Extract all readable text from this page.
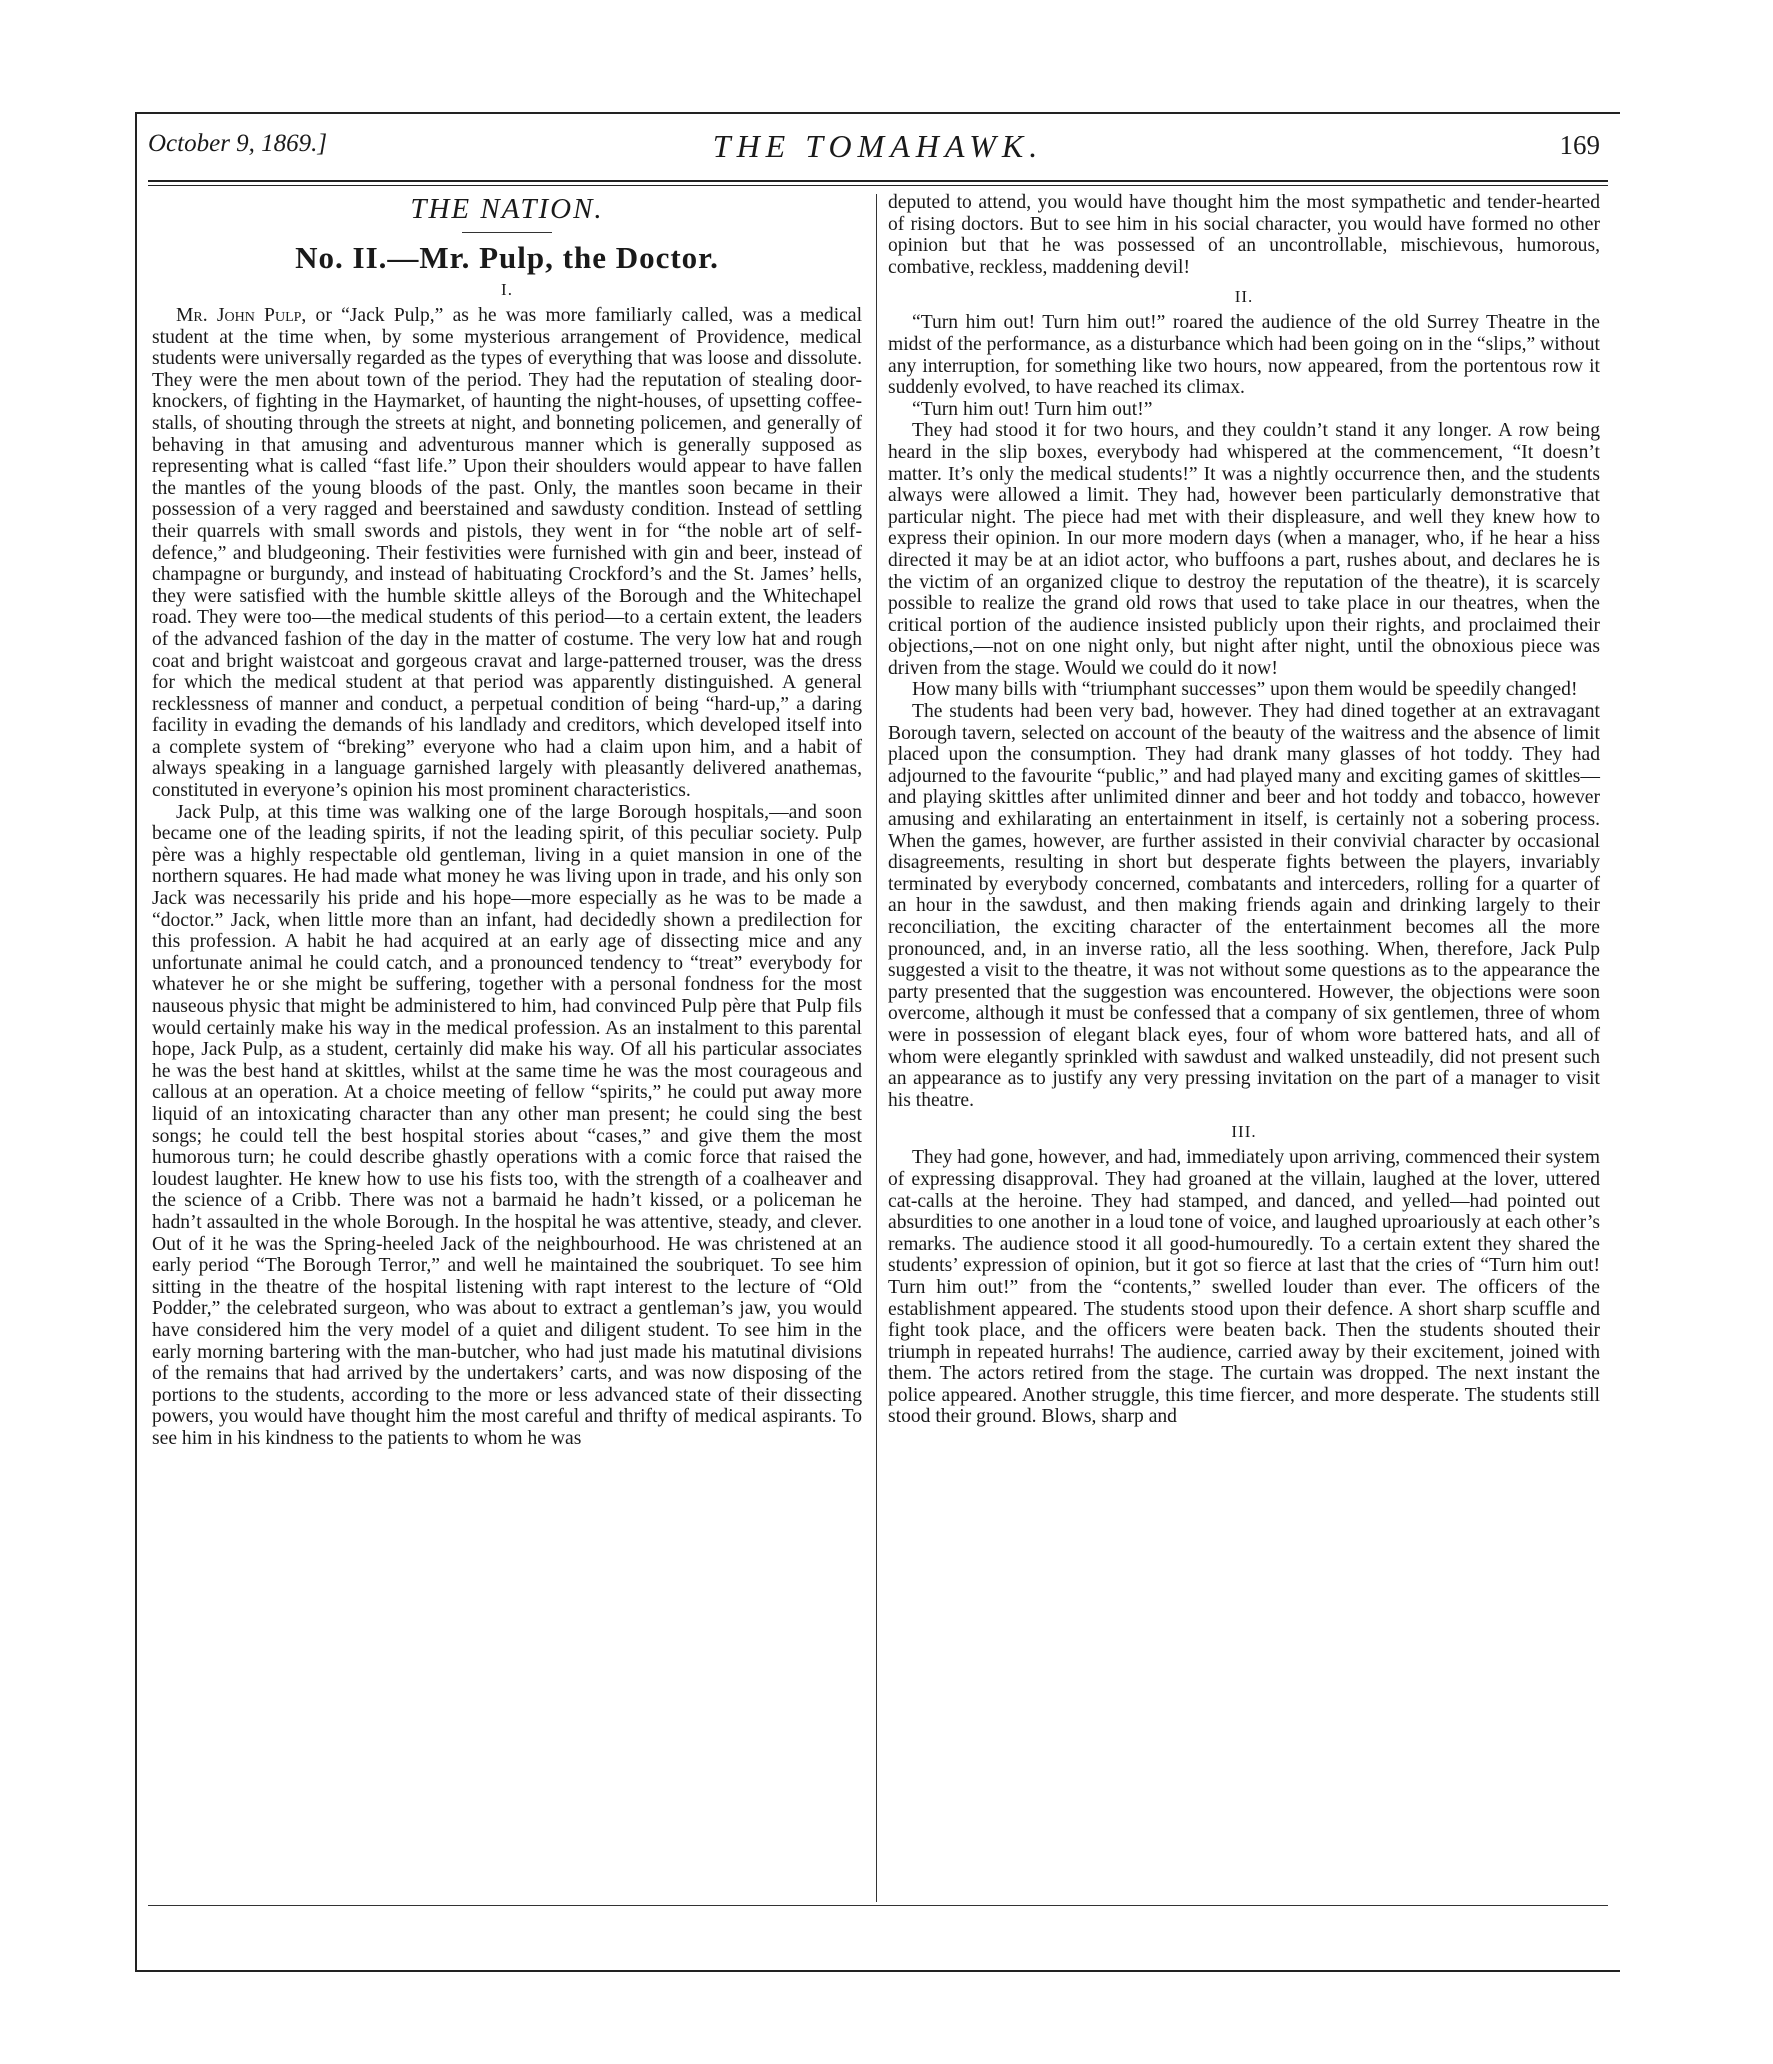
October 9, 1869.]	THE TOMAHAWK.	169
THE NATION.
No. II.—Mr. Pulp, the Doctor.
I.

Mr. John Pulp, or “Jack Pulp,” as he was more familiarly called, was a medical student at the time when, by some mysterious arrangement of Providence, medical students were universally regarded as the types of everything that was loose and dissolute. They were the men about town of the period. They had the reputation of stealing door-knockers, of fighting in the Haymarket, of haunting the night-houses, of upsetting coffee-stalls, of shouting through the streets at night, and bonneting policemen, and generally of behaving in that amusing and adventurous manner which is generally supposed as representing what is called “fast life.” Upon their shoulders would appear to have fallen the mantles of the young bloods of the past. Only, the mantles soon became in their possession of a very ragged and beerstained and sawdusty condition. Instead of settling their quarrels with small swords and pistols, they went in for “the noble art of self-defence,” and bludgeoning. Their festivities were furnished with gin and beer, instead of champagne or burgundy, and instead of habituating Crockford’s and the St. James’ hells, they were satisfied with the humble skittle alleys of the Borough and the Whitechapel road. They were too—the medical students of this period—to a certain extent, the leaders of the advanced fashion of the day in the matter of costume. The very low hat and rough coat and bright waistcoat and gorgeous cravat and large-patterned trouser, was the dress for which the medical student at that period was apparently distinguished. A general recklessness of manner and conduct, a perpetual condition of being “hard-up,” a daring facility in evading the demands of his landlady and creditors, which developed itself into a complete system of “breking” everyone who had a claim upon him, and a habit of always speaking in a language garnished largely with pleasantly delivered anathemas, constituted in everyone’s opinion his most prominent characteristics.

Jack Pulp, at this time was walking one of the large Borough hospitals,—and soon became one of the leading spirits, if not the leading spirit, of this peculiar society. Pulp père was a highly respectable old gentleman, living in a quiet mansion in one of the northern squares. He had made what money he was living upon in trade, and his only son Jack was necessarily his pride and his hope—more especially as he was to be made a “doctor.” Jack, when little more than an infant, had decidedly shown a predilection for this profession. A habit he had acquired at an early age of dissecting mice and any unfortunate animal he could catch, and a pronounced tendency to “treat” everybody for whatever he or she might be suffering, together with a personal fondness for the most nauseous physic that might be administered to him, had convinced Pulp père that Pulp fils would certainly make his way in the medical profession. As an instalment to this parental hope, Jack Pulp, as a student, certainly did make his way. Of all his particular associates he was the best hand at skittles, whilst at the same time he was the most courageous and callous at an operation. At a choice meeting of fellow “spirits,” he could put away more liquid of an intoxicating character than any other man present; he could sing the best songs; he could tell the best hospital stories about “cases,” and give them the most humorous turn; he could describe ghastly operations with a comic force that raised the loudest laughter. He knew how to use his fists too, with the strength of a coalheaver and the science of a Cribb. There was not a barmaid he hadn’t kissed, or a policeman he hadn’t assaulted in the whole Borough. In the hospital he was attentive, steady, and clever. Out of it he was the Spring-heeled Jack of the neighbourhood. He was christened at an early period “The Borough Terror,” and well he maintained the soubriquet. To see him sitting in the theatre of the hospital listening with rapt interest to the lecture of “Old Podder,” the celebrated surgeon, who was about to extract a gentleman’s jaw, you would have considered him the very model of a quiet and diligent student. To see him in the early morning bartering with the man-butcher, who had just made his matutinal divisions of the remains that had arrived by the undertakers’ carts, and was now disposing of the portions to the students, according to the more or less advanced state of their dissecting powers, you would have thought him the most careful and thrifty of medical aspirants. To see him in his kindness to the patients to whom he was

deputed to attend, you would have thought him the most sympathetic and tender-hearted of rising doctors. But to see him in his social character, you would have formed no other opinion but that he was possessed of an uncontrollable, mischievous, humorous, combative, reckless, maddening devil!

II.

“Turn him out! Turn him out!” roared the audience of the old Surrey Theatre in the midst of the performance, as a disturbance which had been going on in the “slips,” without any interruption, for something like two hours, now appeared, from the portentous row it suddenly evolved, to have reached its climax.

“Turn him out! Turn him out!”

They had stood it for two hours, and they couldn’t stand it any longer. A row being heard in the slip boxes, everybody had whispered at the commencement, “It doesn’t matter. It’s only the medical students!” It was a nightly occurrence then, and the students always were allowed a limit. They had, however been particularly demonstrative that particular night. The piece had met with their displeasure, and well they knew how to express their opinion. In our more modern days (when a manager, who, if he hear a hiss directed it may be at an idiot actor, who buffoons a part, rushes about, and declares he is the victim of an organized clique to destroy the reputation of the theatre), it is scarcely possible to realize the grand old rows that used to take place in our theatres, when the critical portion of the audience insisted publicly upon their rights, and proclaimed their objections,—not on one night only, but night after night, until the obnoxious piece was driven from the stage. Would we could do it now!

How many bills with “triumphant successes” upon them would be speedily changed!

The students had been very bad, however. They had dined together at an extravagant Borough tavern, selected on account of the beauty of the waitress and the absence of limit placed upon the consumption. They had drank many glasses of hot toddy. They had adjourned to the favourite “public,” and had played many and exciting games of skittles—and playing skittles after unlimited dinner and beer and hot toddy and tobacco, however amusing and exhilarating an entertainment in itself, is certainly not a sobering process. When the games, however, are further assisted in their convivial character by occasional disagreements, resulting in short but desperate fights between the players, invariably terminated by everybody concerned, combatants and interceders, rolling for a quarter of an hour in the sawdust, and then making friends again and drinking largely to their reconciliation, the exciting character of the entertainment becomes all the more pronounced, and, in an inverse ratio, all the less soothing. When, therefore, Jack Pulp suggested a visit to the theatre, it was not without some questions as to the appearance the party presented that the suggestion was encountered. However, the objections were soon overcome, although it must be confessed that a company of six gentlemen, three of whom were in possession of elegant black eyes, four of whom wore battered hats, and all of whom were elegantly sprinkled with sawdust and walked unsteadily, did not present such an appearance as to justify any very pressing invitation on the part of a manager to visit his theatre.

III.

They had gone, however, and had, immediately upon arriving, commenced their system of expressing disapproval. They had groaned at the villain, laughed at the lover, uttered cat-calls at the heroine. They had stamped, and danced, and yelled—had pointed out absurdities to one another in a loud tone of voice, and laughed uproariously at each other’s remarks. The audience stood it all good-humouredly. To a certain extent they shared the students’ expression of opinion, but it got so fierce at last that the cries of “Turn him out! Turn him out!” from the “contents,” swelled louder than ever. The officers of the establishment appeared. The students stood upon their defence. A short sharp scuffle and fight took place, and the officers were beaten back. Then the students shouted their triumph in repeated hurrahs! The audience, carried away by their excitement, joined with them. The actors retired from the stage. The curtain was dropped. The next instant the police appeared. Another struggle, this time fiercer, and more desperate. The students still stood their ground. Blows, sharp and
